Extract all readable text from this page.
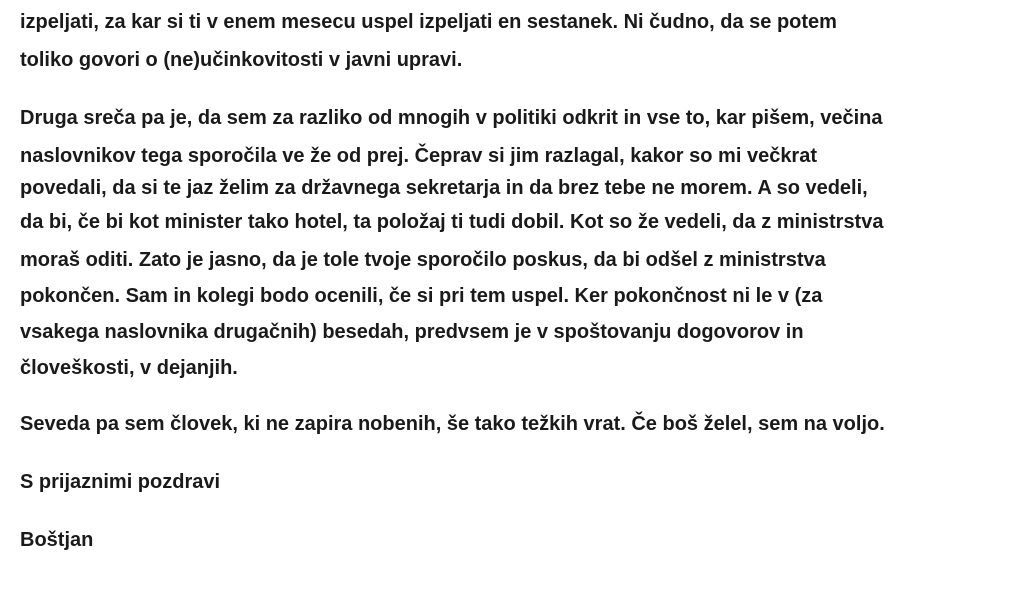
izpeljati, za kar si ti v enem mesecu uspel izpeljati en sestanek. Ni čudno, da se potem
toliko govori o (ne)učinkovitosti v javni upravi.
Druga sreča pa je, da sem za razliko od mnogih v politiki odkrit in vse to, kar pišem, večina
naslovnikov tega sporočila ve že od prej. Čeprav si jim razlagal, kakor so mi večkrat
povedali, da si te jaz želim za državnega sekretarja in da brez tebe ne morem. A so vedeli,
da bi, če bi kot minister tako hotel, ta položaj ti tudi dobil. Kot so že vedeli, da z ministrstva
moraš oditi. Zato je jasno, da je tole tvoje sporočilo poskus, da bi odšel z ministrstva
pokončen. Sam in kolegi bodo ocenili, če si pri tem uspel. Ker pokončnost ni le v (za
vsakega naslovnika drugačnih) besedah, predvsem je v spoštovanju dogovorov in
človeškosti, v dejanjih.
Seveda pa sem človek, ki ne zapira nobenih, še tako težkih vrat. Če boš želel, sem na voljo.
S prijaznimi pozdravi
Boštjan
